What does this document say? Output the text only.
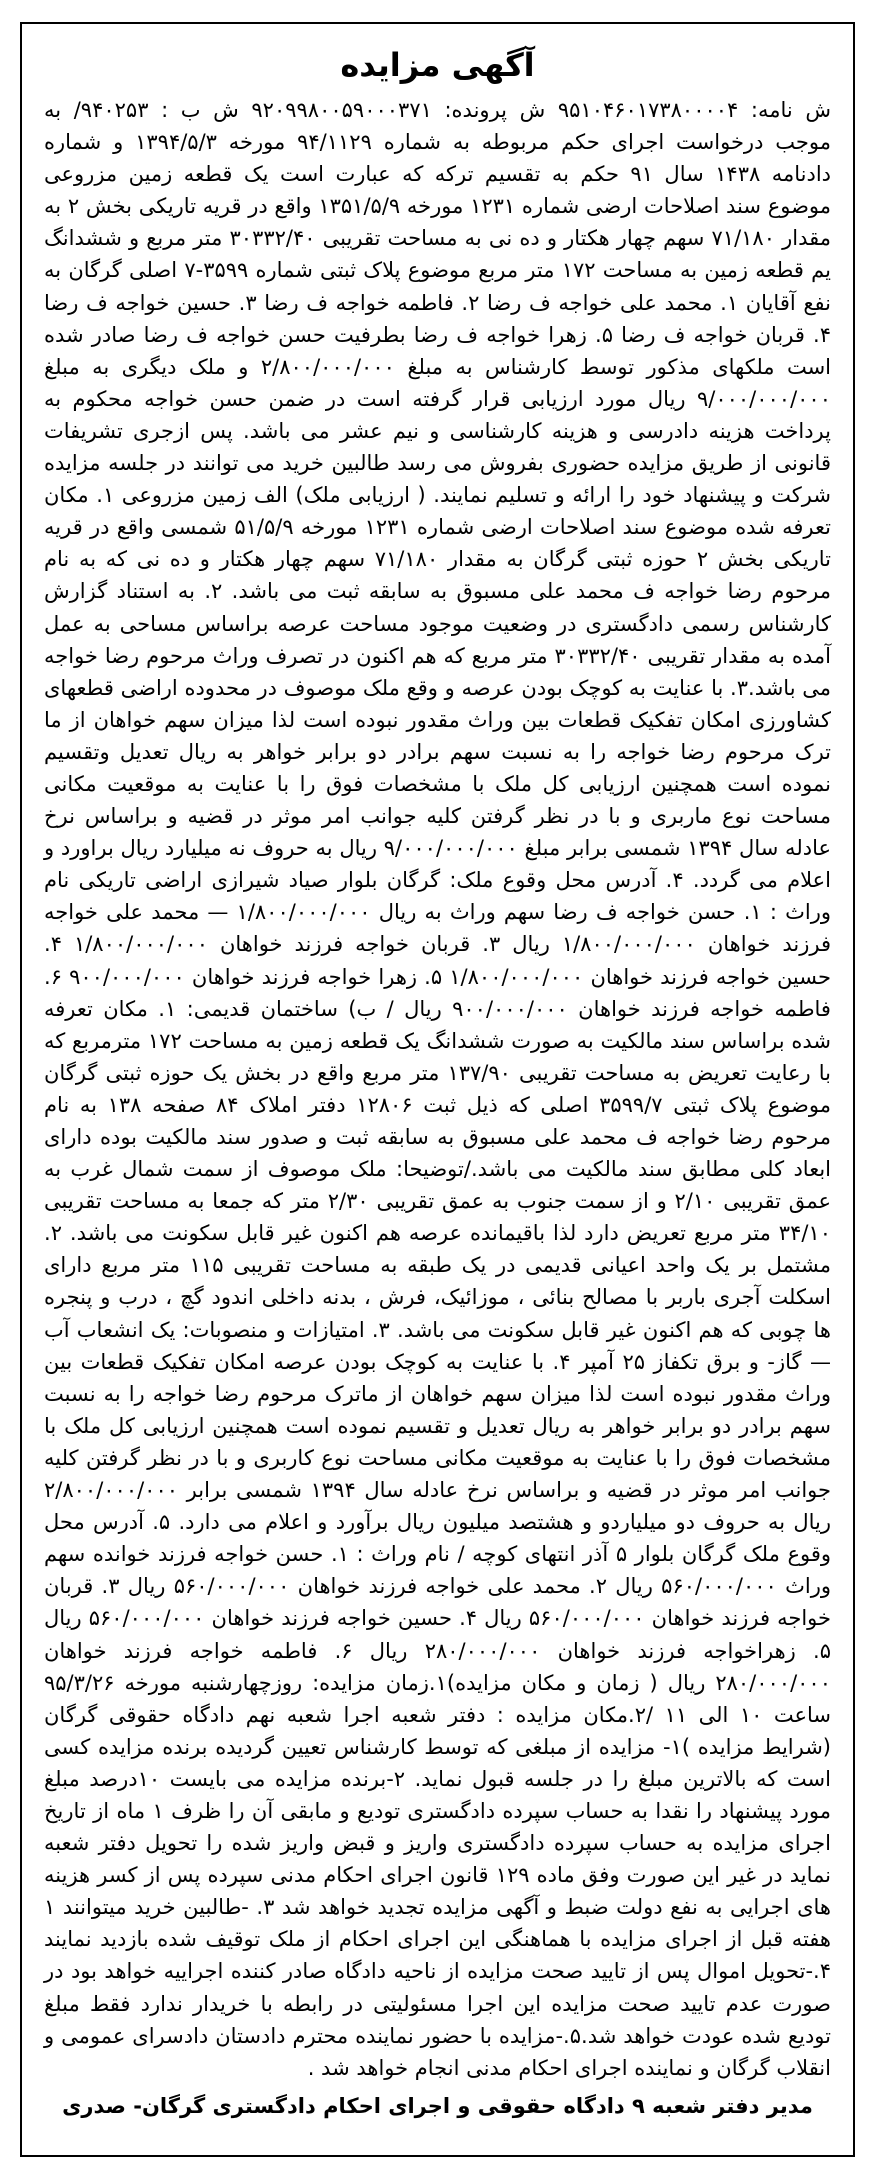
آگهی مزایده

ش نامه: ۹۵۱۰۴۶۰۱۷۳۸۰۰۰۰۴ ش پرونده: ۹۲۰۹۹۸۰۰۵۹۰۰۰۳۷۱ ش ب : ۹۴۰۲۵۳/ به موجب درخواست اجرای حکم مربوطه به شماره ۹۴/۱۱۲۹ مورخه ۱۳۹۴/۵/۳ و شماره دادنامه ۱۴۳۸ سال ۹۱ حکم به تقسیم ترکه که عبارت است یک قطعه زمین مزروعی موضوع سند اصلاحات ارضی شماره ۱۲۳۱ مورخه ۱۳۵۱/۵/۹ واقع در قریه تاریکی بخش ۲ به مقدار ۷۱/۱۸۰ سهم چهار هکتار و ده نی به مساحت تقریبی ۳۰۳۳۲/۴۰ متر مربع و ششدانگ یم قطعه زمین به مساحت ۱۷۲ متر مربع موضوع پلاک ثبتی شماره ۳۵۹۹-۷ اصلی گرگان به نفع آقایان ۱. محمد علی خواجه ف رضا ۲. فاطمه خواجه ف رضا ۳. حسین خواجه ف رضا ۴. قربان خواجه ف رضا ۵. زهرا خواجه ف رضا بطرفیت حسن خواجه ف رضا صادر شده است ملکهای مذکور توسط کارشناس به مبلغ ۲/۸۰۰/۰۰۰/۰۰۰ و ملک دیگری به مبلغ ۹/۰۰۰/۰۰۰/۰۰۰ ریال مورد ارزیابی قرار گرفته است در ضمن حسن خواجه محکوم به پرداخت هزینه دادرسی و هزینه کارشناسی و نیم عشر می باشد. پس ازجری تشریفات قانونی از طریق مزایده حضوری بفروش می رسد طالبین خرید می توانند در جلسه مزایده شرکت و پیشنهاد خود را ارائه و تسلیم نمایند. ( ارزیابی ملک) الف زمین مزروعی ۱. مکان تعرفه شده موضوع سند اصلاحات ارضی شماره ۱۲۳۱ مورخه ۵۱/۵/۹ شمسی واقع در قریه تاریکی بخش ۲ حوزه ثبتی گرگان به مقدار ۷۱/۱۸۰ سهم چهار هکتار و ده نی که به نام مرحوم رضا خواجه ف محمد علی مسبوق به سابقه ثبت می باشد. ۲. به استناد گزارش کارشناس رسمی دادگستری در وضعیت موجود مساحت عرصه براساس مساحی به عمل آمده به مقدار تقریبی ۳۰۳۳۲/۴۰ متر مربع که هم اکنون در تصرف وراث مرحوم رضا خواجه می باشد.۳. با عنایت به کوچک بودن عرصه و وقع ملک موصوف در محدوده اراضی قطعهای کشاورزی امکان تفکیک قطعات بین وراث مقدور نبوده است لذا میزان سهم خواهان از ما ترک مرحوم رضا خواجه را به نسبت سهم برادر دو برابر خواهر به ریال تعدیل وتقسیم نموده است همچنین ارزیابی کل ملک با مشخصات فوق را با عنایت به موقعیت مکانی مساحت نوع ماربری و با در نظر گرفتن کلیه جوانب امر موثر در قضیه و براساس نرخ عادله سال ۱۳۹۴ شمسی برابر مبلغ ۹/۰۰۰/۰۰۰/۰۰۰ ریال به حروف نه میلیارد ریال براورد و اعلام می گردد. ۴. آدرس محل وقوع ملک: گرگان بلوار صیاد شیرازی اراضی تاریکی نام وراث : ۱. حسن خواجه ف رضا سهم وراث به ریال ۱/۸۰۰/۰۰۰/۰۰۰ — محمد علی خواجه فرزند خواهان ۱/۸۰۰/۰۰۰/۰۰۰ ریال ۳. قربان خواجه فرزند خواهان ۱/۸۰۰/۰۰۰/۰۰۰ ۴. حسین خواجه فرزند خواهان ۱/۸۰۰/۰۰۰/۰۰۰ ۵. زهرا خواجه فرزند خواهان ۹۰۰/۰۰۰/۰۰۰ ۶. فاطمه خواجه فرزند خواهان ۹۰۰/۰۰۰/۰۰۰ ریال / ب) ساختمان قدیمی: ۱. مکان تعرفه شده براساس سند مالکیت به صورت ششدانگ یک قطعه زمین به مساحت ۱۷۲ مترمربع که با رعایت تعریض به مساحت تقریبی ۱۳۷/۹۰ متر مربع واقع در بخش یک حوزه ثبتی گرگان موضوع پلاک ثبتی ۳۵۹۹/۷ اصلی که ذیل ثبت ۱۲۸۰۶ دفتر املاک ۸۴ صفحه ۱۳۸ به نام مرحوم رضا خواجه ف محمد علی مسبوق به سابقه ثبت و صدور سند مالکیت بوده دارای ابعاد کلی مطابق سند مالکیت می باشد./توضیحا: ملک موصوف از سمت شمال غرب به عمق تقریبی ۲/۱۰ و از سمت جنوب به عمق تقریبی ۲/۳۰ متر که جمعا به مساحت تقریبی ۳۴/۱۰ متر مربع تعریض دارد لذا باقیمانده عرصه هم اکنون غیر قابل سکونت می باشد. ۲. مشتمل بر یک واحد اعیانی قدیمی در یک طبقه به مساحت تقریبی ۱۱۵ متر مربع دارای اسکلت آجری باربر با مصالح بنائی ، موزائیک، فرش ، بدنه داخلی اندود گچ ، درب و پنجره ها چوبی که هم اکنون غیر قابل سکونت می باشد. ۳. امتیازات و منصوبات: یک انشعاب آب — گاز- و برق تکفاز ۲۵ آمپر ۴. با عنایت به کوچک بودن عرصه امکان تفکیک قطعات بین وراث مقدور نبوده است لذا میزان سهم خواهان از ماترک مرحوم رضا خواجه را به نسبت سهم برادر دو برابر خواهر به ریال تعدیل و تقسیم نموده است همچنین ارزیابی کل ملک با مشخصات فوق را با عنایت به موقعیت مکانی مساحت نوع کاربری و با در نظر گرفتن کلیه جوانب امر موثر در قضیه و براساس نرخ عادله سال ۱۳۹۴ شمسی برابر ۲/۸۰۰/۰۰۰/۰۰۰ ریال به حروف دو میلیاردو و هشتصد میلیون ریال برآورد و اعلام می دارد. ۵. آدرس محل وقوع ملک گرگان بلوار ۵ آذر انتهای کوچه / نام وراث : ۱. حسن خواجه فرزند خوانده سهم وراث ۵۶۰/۰۰۰/۰۰۰ ریال ۲. محمد علی خواجه فرزند خواهان ۵۶۰/۰۰۰/۰۰۰ ریال ۳. قربان خواجه فرزند خواهان ۵۶۰/۰۰۰/۰۰۰ ریال ۴. حسین خواجه فرزند خواهان ۵۶۰/۰۰۰/۰۰۰ ریال ۵. زهراخواجه فرزند خواهان ۲۸۰/۰۰۰/۰۰۰ ریال ۶. فاطمه خواجه فرزند خواهان ۲۸۰/۰۰۰/۰۰۰ ریال ( زمان و مکان مزایده)۱.زمان مزایده: روزچهارشنبه مورخه ۹۵/۳/۲۶ ساعت ۱۰ الی ۱۱ /۲.مکان مزایده : دفتر شعبه اجرا شعبه نهم دادگاه حقوقی گرگان (شرایط مزایده )۱- مزایده از مبلغی که توسط کارشناس تعیین گردیده برنده مزایده کسی است که بالاترین مبلغ را در جلسه قبول نماید. ۲-برنده مزایده می بایست ۱۰درصد مبلغ مورد پیشنهاد را نقدا به حساب سپرده دادگستری تودیع و مابقی آن را ظرف ۱ ماه از تاریخ اجرای مزایده به حساب سپرده دادگستری واریز و قبض واریز شده را تحویل دفتر شعبه نماید در غیر این صورت وفق ماده ۱۲۹ قانون اجرای احکام مدنی سپرده پس از کسر هزینه های اجرایی به نفع دولت ضبط و آگهی مزایده تجدید خواهد شد ۳. -طالبین خرید میتوانند ۱ هفته قبل از اجرای مزایده با هماهنگی این اجرای احکام از ملک توقیف شده بازدید نمایند ۴.-تحویل اموال پس از تایید صحت مزایده از ناحیه دادگاه صادر کننده اجراییه خواهد بود در صورت عدم تایید صحت مزایده این اجرا مسئولیتی در رابطه با خریدار ندارد فقط مبلغ تودیع شده عودت خواهد شد.۵.-مزایده با حضور نماینده محترم دادستان دادسرای عمومی و انقلاب گرگان و نماینده اجرای احکام مدنی انجام خواهد شد .

مدیر دفتر شعبه ۹ دادگاه حقوقی و اجرای احکام دادگستری گرگان- صدری
